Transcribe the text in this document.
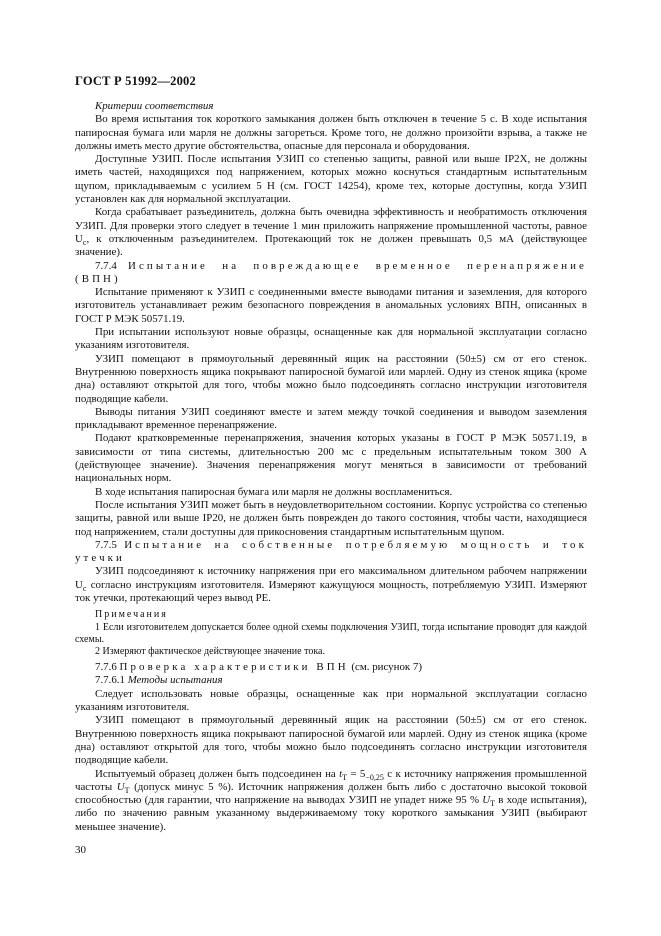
ГОСТ Р 51992—2002

Критерии соответствия

Во время испытания ток короткого замыкания должен быть отключен в течение 5 с. В ходе испытания папиросная бумага или марля не должны загореться. Кроме того, не должно произойти взрыва, а также не должны иметь место другие обстоятельства, опасные для персонала и оборудования.

Доступные УЗИП. После испытания УЗИП со степенью защиты, равной или выше IP2X, не должны иметь частей, находящихся под напряжением, которых можно коснуться стандартным испытательным щупом, прикладываемым с усилием 5 Н (см. ГОСТ 14254), кроме тех, которые доступны, когда УЗИП установлен как для нормальной эксплуатации.

Когда срабатывает разъединитель, должна быть очевидна эффективность и необратимость отключения УЗИП. Для проверки этого следует в течение 1 мин приложить напряжение промышленной частоты, равное $U_c$, к отключенным разъединителем. Протекающий ток не должен превышать 0,5 мА (действующее значение).

7.7.4 Испытание на повреждающее временное перенапряжение (ВПН)

Испытание применяют к УЗИП с соединенными вместе выводами питания и заземления, для которого изготовитель устанавливает режим безопасного повреждения в аномальных условиях ВПН, описанных в ГОСТ Р МЭК 50571.19.

При испытании используют новые образцы, оснащенные как для нормальной эксплуатации согласно указаниям изготовителя.

УЗИП помещают в прямоугольный деревянный ящик на расстоянии (50±5) см от его стенок. Внутреннюю поверхность ящика покрывают папиросной бумагой или марлей. Одну из стенок ящика (кроме дна) оставляют открытой для того, чтобы можно было подсоединять согласно инструкции изготовителя подводящие кабели.

Выводы питания УЗИП соединяют вместе и затем между точкой соединения и выводом заземления прикладывают временное перенапряжение.

Подают кратковременные перенапряжения, значения которых указаны в ГОСТ Р МЭК 50571.19, в зависимости от типа системы, длительностью 200 мс с предельным испытательным током 300 А (действующее значение). Значения перенапряжения могут меняться в зависимости от требований национальных норм.

В ходе испытания папиросная бумага или марля не должны воспламениться.

После испытания УЗИП может быть в неудовлетворительном состоянии. Корпус устройства со степенью защиты, равной или выше IP20, не должен быть поврежден до такого состояния, чтобы части, находящиеся под напряжением, стали доступны для прикосновения стандартным испытательным щупом.

7.7.5 Испытание на собственные потребляемую мощность и ток утечки

УЗИП подсоединяют к источнику напряжения при его максимальном длительном рабочем напряжении $U_c$ согласно инструкциям изготовителя. Измеряют кажущуюся мощность, потребляемую УЗИП. Измеряют ток утечки, протекающий через вывод РЕ.

Примечания

1 Если изготовителем допускается более одной схемы подключения УЗИП, тогда испытание проводят для каждой схемы.

2 Измеряют фактическое действующее значение тока.

7.7.6 Проверка характеристики ВПН (см. рисунок 7)

7.7.6.1 Методы испытания

Следует использовать новые образцы, оснащенные как при нормальной эксплуатации согласно указаниям изготовителя.

УЗИП помещают в прямоугольный деревянный ящик на расстоянии (50±5) см от его стенок. Внутреннюю поверхность ящика покрывают папиросной бумагой или марлей. Одну из стенок ящика (кроме дна) оставляют открытой для того, чтобы можно было подсоединять согласно инструкции изготовителя подводящие кабели.

Испытуемый образец должен быть подсоединен на $t_T = 5_{-0,25}$ с к источнику напряжения промышленной частоты $U_T$ (допуск минус 5 %). Источник напряжения должен быть либо с достаточно высокой токовой способностью (для гарантии, что напряжение на выводах УЗИП не упадет ниже 95 % $U_T$ в ходе испытания), либо по значению равным указанному выдерживаемому току короткого замыкания УЗИП (выбирают меньшее значение).

30
